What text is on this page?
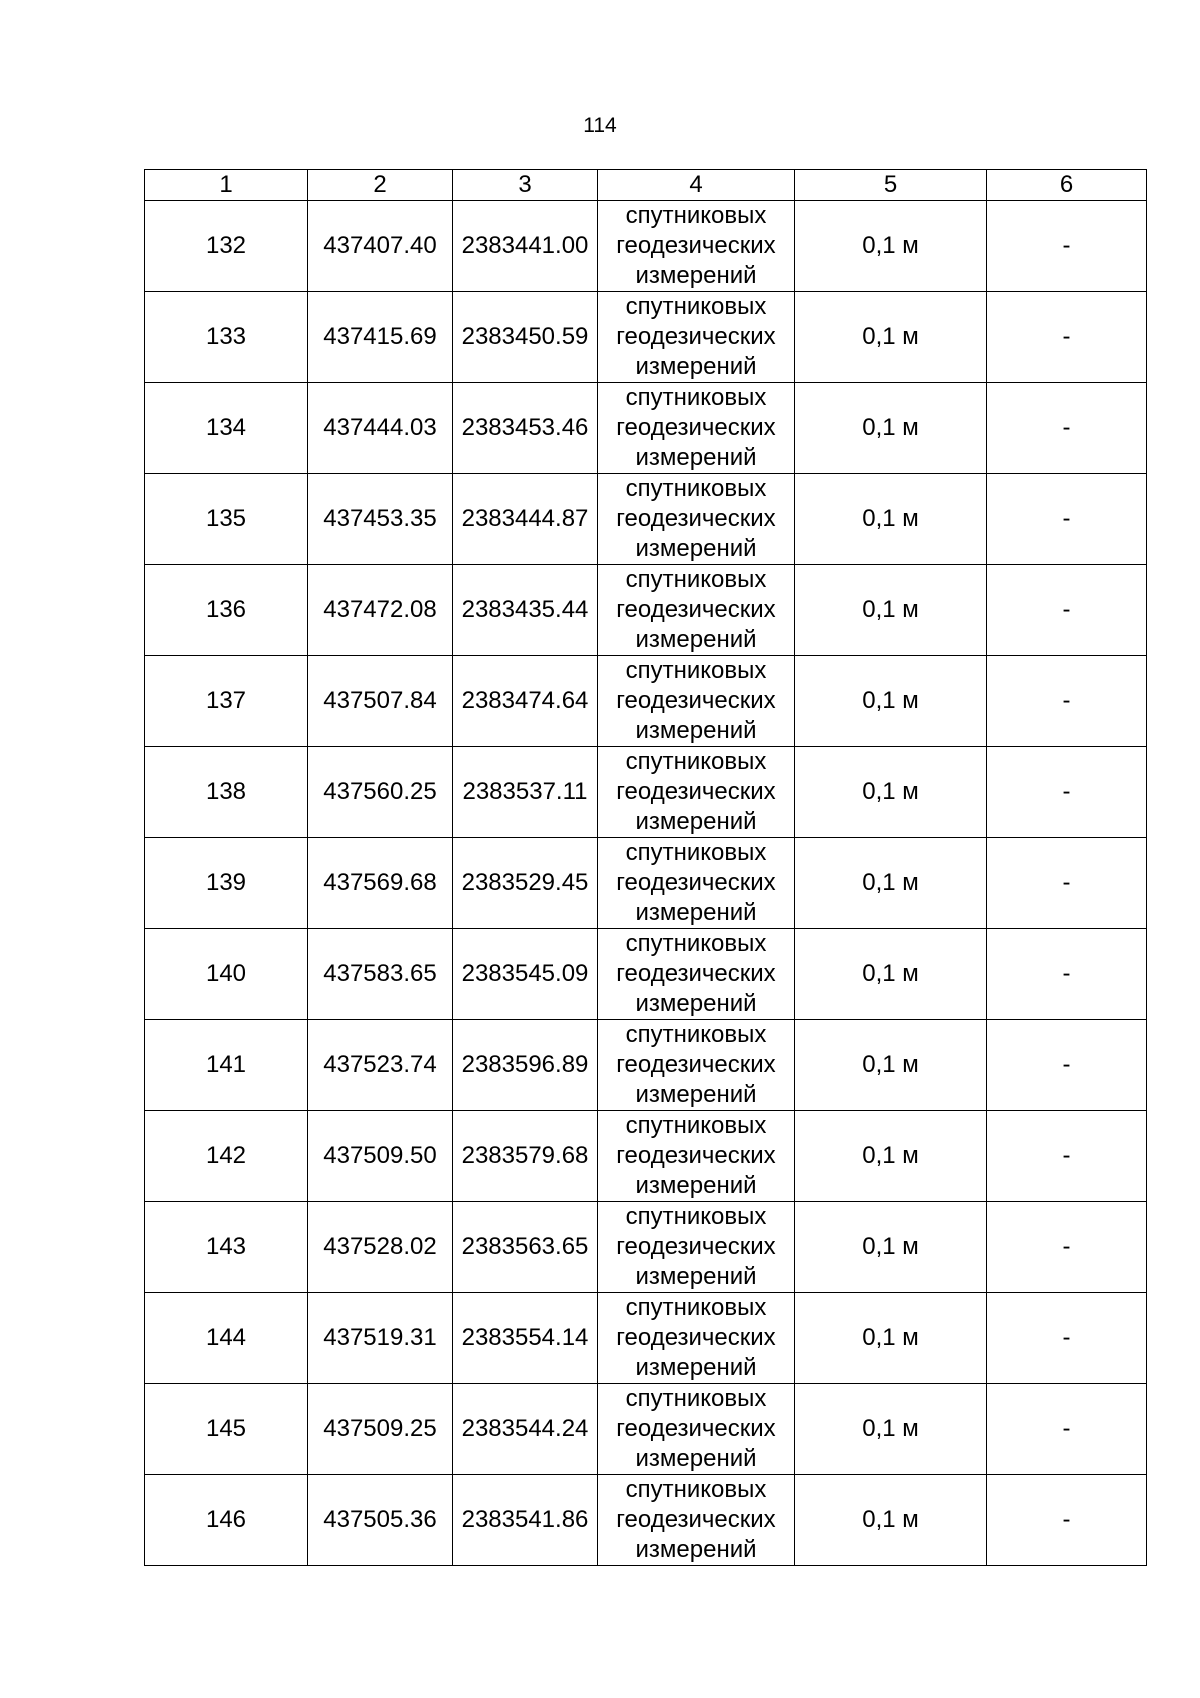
114
1	2	3	4	5	6
132	437407.40	2383441.00	спутниковых
геодезических
измерений	0,1 м	-
133	437415.69	2383450.59	спутниковых
геодезических
измерений	0,1 м	-
134	437444.03	2383453.46	спутниковых
геодезических
измерений	0,1 м	-
135	437453.35	2383444.87	спутниковых
геодезических
измерений	0,1 м	-
136	437472.08	2383435.44	спутниковых
геодезических
измерений	0,1 м	-
137	437507.84	2383474.64	спутниковых
геодезических
измерений	0,1 м	-
138	437560.25	2383537.11	спутниковых
геодезических
измерений	0,1 м	-
139	437569.68	2383529.45	спутниковых
геодезических
измерений	0,1 м	-
140	437583.65	2383545.09	спутниковых
геодезических
измерений	0,1 м	-
141	437523.74	2383596.89	спутниковых
геодезических
измерений	0,1 м	-
142	437509.50	2383579.68	спутниковых
геодезических
измерений	0,1 м	-
143	437528.02	2383563.65	спутниковых
геодезических
измерений	0,1 м	-
144	437519.31	2383554.14	спутниковых
геодезических
измерений	0,1 м	-
145	437509.25	2383544.24	спутниковых
геодезических
измерений	0,1 м	-
146	437505.36	2383541.86	спутниковых
геодезических
измерений	0,1 м	-
